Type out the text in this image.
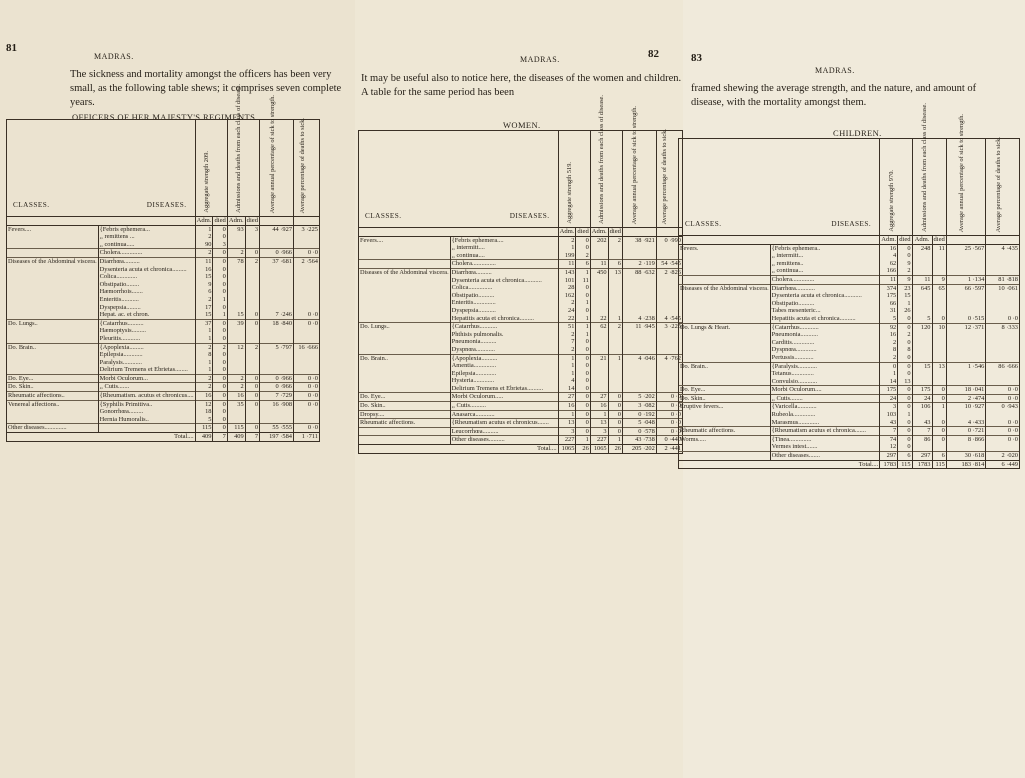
81
MADRAS.
The sickness and mortality amongst the officers has been very small, as the following table shews; it comprises seven complete years.
OFFICERS OF HER MAJESTY'S REGIMENTS.
CLASSES. DISEASES.		Aggregate strength 209.		Admissions and deaths from each class of disease.		Average annual percentage of sick to strength.	Average percentage of deaths to sick.

		Adm.	died	Adm.	died		
Fevers....	{Febris ephemera...	1	0	93	3	44 ·927	3 ·225
	,, remittens ...	2	0				
	,, continua.....	90	3				
	Cholera..............	2	0	2	0	0 ·966	0 ·0
Diseases of the Abdominal viscera.	Diarrhœa..........	11	0	78	2	37 ·681	2 ·564
	Dysenteria acuta et chronica.........	16	0				
	Colica.............	15	0				
	Obstipatio........	9	0				
	Hæmorrhois.......	6	0				
	Enteritis...........	2	1				
	Dyspepsia.........	17	0				
	Hepat. ac. et chron.	15	1	15	0	7 ·246	0 ·0
Do. Lungs..	{Catarrhus..........	37	0	39	0	18 ·840	0 ·0
	Hæmoptysis.........	1	0				
	Pleuritis............	1	0				
Do. Brain..	{Apoplexia.........	2	2	12	2	5 ·797	16 ·666
	Epilepsia............	8	0				
	Paralysis............	1	0				
	Delirium Tremens et Ebrietas........	1	0				
Do. Eye...	Morbi Oculorum...	2	0	2	0	0 ·966	0 ·0
Do. Skin..	,, Cutis.......	2	0	2	0	0 ·966	0 ·0
Rheumatic affections..	{Rheumatism. acutus et chronicus....	16	0	16	0	7 ·729	0 ·0
Venereal affections..	{Syphilis Primitiva..	12	0	35	0	16 ·908	0 ·0
	Gonorrhœa.........	18	0				
	Hernia Humoralis..	5	0				
Other diseases..............		115	0	115	0	55 ·555	0 ·0
Total....		409	7	409	7	197 ·584	1 ·711
82
MADRAS.
It may be useful also to notice here, the diseases of the women and children. A table for the same period has been
WOMEN.
CLASSES. DISEASES.		Aggregate strength 519.		Admissions and deaths from each class of disease.		Average annual percentage of sick to strength.	Average percentage of deaths to sick.

		Adm.	died	Adm.	died		
Fevers....	{Febris ephemera....	2	0	202	2	38 ·921	0 ·990
	,, intermitt....	1	0				
	,, continua....	199	2				
	Cholera...............	11	6	11	6	2 ·119	54 ·545
Diseases of the Abdominal viscera.	Diarrhœa..........	143	1	450	13	88 ·632	2 ·826
	Dysenteria acuta et chronica...........	101	11				
	Colica...............	28	0				
	Obstipatio..........	162	0				
	Enteritis..............	2	1				
	Dyspepsia...........	24	0				
	Hepatitis acuta et chronica.........	22	1	22	1	4 ·238	4 ·545
Do. Lungs..	{Catarrhus...........	51	1	62	2	11 ·945	3 ·225
	Phthisis pulmonalis.	2	1				
	Pneumonia..........	7	0				
	Dyspnœa............	2	0				
Do. Brain..	{Apoplexia..........	1	0	21	1	4 ·046	4 ·762
	Amentia..............	1	0				
	Epilepsia.............	1	0				
	Hysteria.............	4	0				
	Delirium Tremens et Ebrietas..........	14	0				
Do. Eye...	Morbi Oculorum.....	27	0	27	0	5 ·202	0 ·0
Do. Skin..	,, Cutis..........	16	0	16	0	3 ·082	0 ·0
Dropsy....	Anasarca............	1	0	1	0	0 ·192	0 ·0
Rheumatic affections.	{Rheumatism acutus et chronicus.......	13	0	13	0	5 ·048	0 ·0
	Leucorrhœa..........	3	0	3	0	0 ·578	0 ·0
	Other diseases..........	227	1	227	1	43 ·738	0 ·440
Total....		1065	26	1065	26	205 ·202	2 ·441
83
MADRAS.
framed shewing the average strength, and the nature, and amount of disease, with the mortality amongst them.
CHILDREN.
CLASSES. DISEASES.		Aggregate strength 970.		Admissions and deaths from each class of disease.		Average annual percentage of sick to strength.	Average percentage of deaths to sick.

		Adm.	died	Adm.	died		
Fevers.	{Febris ephemera..	16	0	248	11	25 ·567	4 ·435
	,, intermitt...	4	0				
	,, remittens..	62	9				
	,, continua...	166	2				
	Cholera..............	11	9	11	9	1 ·134	81 ·818
Diseases of the Abdominal viscera.	Diarrhœa............	374	23	645	65	66 ·597	10 ·061
	Dysenteria acuta et chronica...........	175	15				
	Obstipatio..........	66	1				
	Tabes mesenteric...	31	26				
	Hepatitis acuta et chronica..........	5	0	5	0	0 ·515	0 ·0
Do. Lungs & Heart.	{Catarrhus............	92	0	120	10	12 ·371	8 ·333
	Pneumonia...........	16	2				
	Carditis..............	2	0				
	Dyspnœa.............	8	8				
	Pertussis............	2	0				
Do. Brain..	{Paralysis............	0	0	15	13	1 ·546	86 ·666
	Tetanus..............	1	0				
	Convulsio............	14	13				
Do. Eye...	Morbi Oculorum....	175	0	175	0	18 ·041	0 ·0
Do. Skin..	,, Cutis........	24	0	24	0	2 ·474	0 ·0
Eruptive fevers...	{Varicella............	3	0	106	1	10 ·927	0 ·943
	Rubeola..............	103	1				
	Marasmus.............	43	0	43	0	4 ·433	0 ·0
Rheumatic affections.	{Rheumatism acutus et chronica.......	7	0	7	0	0 ·721	0 ·0
Worms.....	{Tinea..............	74	0	86	0	8 ·866	0 ·0
	Vermes intest.......	12	0				
	Other diseases.......	297	6	297	6	30 ·618	2 ·020
Total....		1783	115	1783	115	183 ·814	6 ·449
